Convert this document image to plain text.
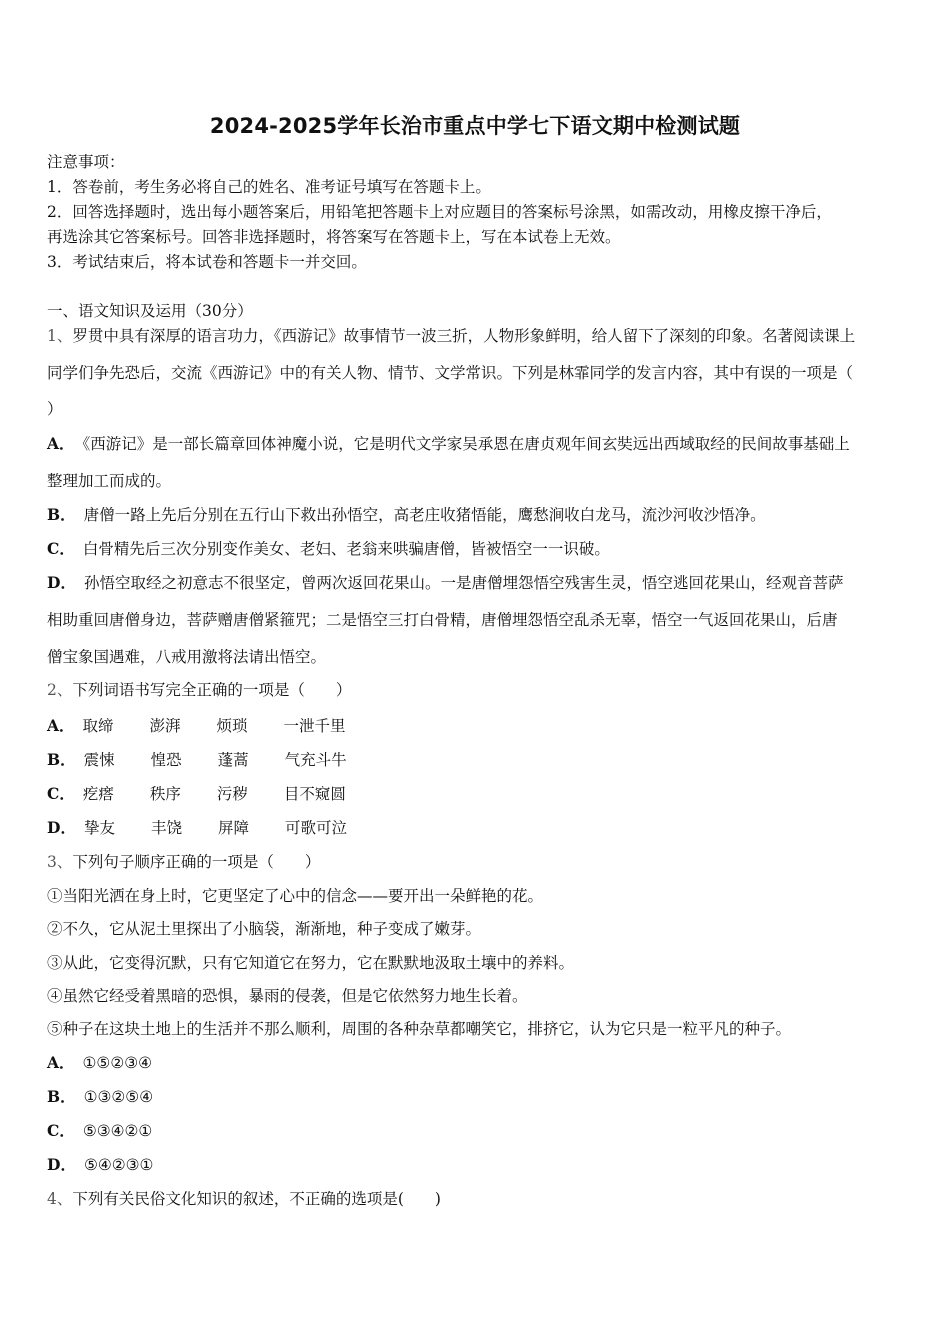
2024-2025学年长治市重点中学七下语文期中检测试题
注意事项：
1．答卷前，考生务必将自己的姓名、准考证号填写在答题卡上。
2．回答选择题时，选出每小题答案后，用铅笔把答题卡上对应题目的答案标号涂黑，如需改动，用橡皮擦干净后，
再选涂其它答案标号。回答非选择题时，将答案写在答题卡上，写在本试卷上无效。
3．考试结束后，将本试卷和答题卡一并交回。
一、语文知识及运用（30分）
1、罗贯中具有深厚的语言功力，《西游记》故事情节一波三折，人物形象鲜明，给人留下了深刻的印象。名著阅读课上
同学们争先恐后，交流《西游记》中的有关人物、情节、文学常识。下列是林霏同学的发言内容，其中有误的一项是（
）
A． 《西游记》是一部长篇章回体神魔小说，它是明代文学家吴承恩在唐贞观年间玄奘远出西域取经的民间故事基础上
整理加工而成的。
B． 唐僧一路上先后分别在五行山下救出孙悟空，高老庄收猪悟能，鹰愁涧收白龙马，流沙河收沙悟净。
C． 白骨精先后三次分别变作美女、老妇、老翁来哄骗唐僧，皆被悟空一一识破。
D． 孙悟空取经之初意志不很坚定，曾两次返回花果山。一是唐僧埋怨悟空残害生灵，悟空逃回花果山，经观音菩萨
相助重回唐僧身边，菩萨赠唐僧紧箍咒；二是悟空三打白骨精，唐僧埋怨悟空乱杀无辜，悟空一气返回花果山，后唐
僧宝象国遇难，八戒用激将法请出悟空。
2、下列词语书写完全正确的一项是（　　）
A． 取缔 澎湃 烦琐 一泄千里
B． 震悚 惶恐 蓬蒿 气充斗牛
C． 疙瘩 秩序 污秽 目不窥圆
D． 挚友 丰饶 屏障 可歌可泣
3、下列句子顺序正确的一项是（　　）
①当阳光洒在身上时，它更坚定了心中的信念——要开出一朵鲜艳的花。
②不久，它从泥土里探出了小脑袋，渐渐地，种子变成了嫩芽。
③从此，它变得沉默，只有它知道它在努力，它在默默地汲取土壤中的养料。
④虽然它经受着黑暗的恐惧，暴雨的侵袭，但是它依然努力地生长着。
⑤种子在这块土地上的生活并不那么顺利，周围的各种杂草都嘲笑它，排挤它，认为它只是一粒平凡的种子。
A． ①⑤②③④
B． ①③②⑤④
C． ⑤③④②①
D． ⑤④②③①
4、下列有关民俗文化知识的叙述，不正确的选项是(　　)
